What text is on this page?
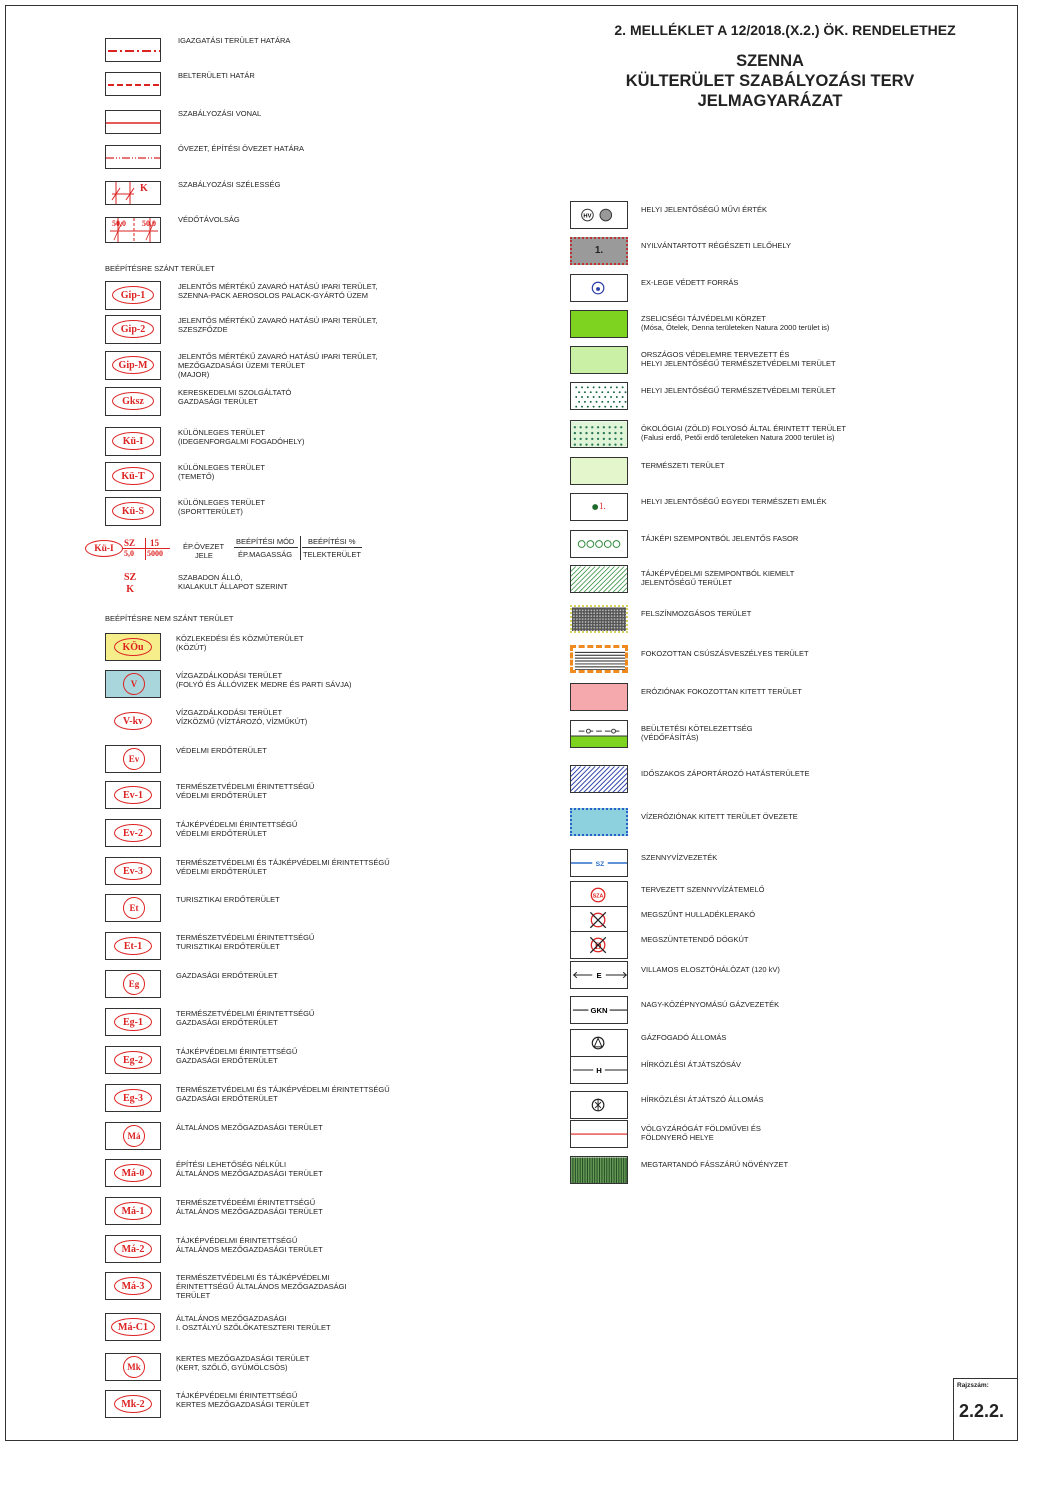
2. MELLÉKLET A 12/2018.(X.2.) ÖK. RENDELETHEZ
SZENNA
KÜLTERÜLET SZABÁLYOZÁSI TERV
JELMAGYARÁZAT
IGAZGATÁSI TERÜLET HATÁRA
BELTERÜLETI HATÁR
SZABÁLYOZÁSI VONAL
ÖVEZET, ÉPÍTÉSI ÖVEZET HATÁRA
K	SZABÁLYOZÁSI SZÉLESSÉG
50,0 50,0	VÉDŐTÁVOLSÁG
BEÉPÍTÉSRE SZÁNT TERÜLET
Gip-1
JELENTŐS MÉRTÉKŰ ZAVARÓ HATÁSÚ IPARI TERÜLET,
SZENNA-PACK AEROSOLOS PALACK-GYÁRTÓ ÜZEM
Gip-2
JELENTŐS MÉRTÉKŰ ZAVARÓ HATÁSÚ IPARI TERÜLET,
SZESZFŐZDE
Gip-M
JELENTŐS MÉRTÉKŰ ZAVARÓ HATÁSÚ IPARI TERÜLET,
MEZŐGAZDASÁGI ÜZEMI TERÜLET
(MAJOR)
Gksz
KERESKEDELMI SZOLGÁLTATÓ
GAZDASÁGI TERÜLET
Kü-I
KÜLÖNLEGES TERÜLET
(IDEGENFORGALMI FOGADÓHELY)
Kü-T
KÜLÖNLEGES TERÜLET
(TEMETŐ)
Kü-S
KÜLÖNLEGES TERÜLET
(SPORTTERÜLET)
Kü-I
SZ 15
5,0 5000
ÉP.ÖVEZET
JELE
BEÉPÍTÉSI MÓD
ÉP.MAGASSÁG
BEÉPÍTÉSI %
TELEKTERÜLET
SZ
K
SZABADON ÁLLÓ,
KIALAKULT ÁLLAPOT SZERINT
BEÉPÍTÉSRE NEM SZÁNT TERÜLET
KÖu
KÖZLEKEDÉSI ÉS KÖZMŰTERÜLET
(KÖZÚT)
V
VÍZGAZDÁLKODÁSI TERÜLET
(FOLYÓ ÉS ÁLLÓVIZEK MEDRE ÉS PARTI SÁVJA)
V-kv
VÍZGAZDÁLKODÁSI TERÜLET
VÍZKÖZMŰ (VÍZTÁROZÓ, VÍZMŰKÚT)
Ev
VÉDELMI ERDŐTERÜLET
Ev-1
TERMÉSZETVÉDELMI ÉRINTETTSÉGŰ
VÉDELMI ERDŐTERÜLET
Ev-2
TÁJKÉPVÉDELMI ÉRINTETTSÉGŰ
VÉDELMI ERDŐTERÜLET
Ev-3
TERMÉSZETVÉDELMI ÉS TÁJKÉPVÉDELMI ÉRINTETTSÉGŰ
VÉDELMI ERDŐTERÜLET
Et
TURISZTIKAI ERDŐTERÜLET
Et-1
TERMÉSZETVÉDELMI ÉRINTETTSÉGŰ
TURISZTIKAI ERDŐTERÜLET
Eg
GAZDASÁGI ERDŐTERÜLET
Eg-1
TERMÉSZETVÉDELMI ÉRINTETTSÉGŰ
GAZDASÁGI ERDŐTERÜLET
Eg-2
TÁJKÉPVÉDELMI ÉRINTETTSÉGŰ
GAZDASÁGI ERDŐTERÜLET
Eg-3
TERMÉSZETVÉDELMI ÉS TÁJKÉPVÉDELMI ÉRINTETTSÉGŰ
GAZDASÁGI ERDŐTERÜLET
Má
ÁLTALÁNOS MEZŐGAZDASÁGI TERÜLET
Má-0
ÉPÍTÉSI LEHETŐSÉG NÉLKÜLI
ÁLTALÁNOS MEZŐGAZDASÁGI TERÜLET
Má-1
TERMÉSZETVÉDEÉMI ÉRINTETTSÉGŰ
ÁLTALÁNOS MEZŐGAZDASÁGI TERÜLET
Má-2
TÁJKÉPVÉDELMI ÉRINTETTSÉGŰ
ÁLTALÁNOS MEZŐGAZDASÁGI TERÜLET
Má-3
TERMÉSZETVÉDELMI ÉS TÁJKÉPVÉDELMI
ÉRINTETTSÉGŰ ÁLTALÁNOS MEZŐGAZDASÁGI
TERÜLET
Má-C1
ÁLTALÁNOS MEZŐGAZDASÁGI
I. OSZTÁLYÚ SZŐLŐKATESZTERI TERÜLET
Mk
KERTES MEZŐGAZDASÁGI TERÜLET
(KERT, SZŐLŐ, GYÜMÖLCSÖS)
Mk-2
TÁJKÉPVÉDELMI ÉRINTETTSÉGŰ
KERTES MEZŐGAZDASÁGI TERÜLET
HV
HELYI JELENTŐSÉGŰ MŰVI ÉRTÉK
1.	NYILVÁNTARTOTT RÉGÉSZETI LELŐHELY
EX-LEGE VÉDETT FORRÁS
ZSELICSÉGI TÁJVÉDELMI KÖRZET
(Mósa, Ötelek, Denna területeken Natura 2000 terület is)
ORSZÁGOS VÉDELEMRE TERVEZETT ÉS
HELYI JELENTŐSÉGŰ TERMÉSZETVÉDELMI TERÜLET
HELYI JELENTŐSÉGŰ TERMÉSZETVÉDELMI TERÜLET
ÖKOLÓGIAI (ZÖLD) FOLYOSÓ ÁLTAL ÉRINTETT TERÜLET
(Falusi erdő, Petői erdő területeken Natura 2000 terület is)
TERMÉSZETI TERÜLET
1.	HELYI JELENTŐSÉGŰ EGYEDI TERMÉSZETI EMLÉK
TÁJKÉPI SZEMPONTBÓL JELENTŐS FASOR
TÁJKÉPVÉDELMI SZEMPONTBÓL KIEMELT
JELENTŐSÉGŰ TERÜLET
FELSZÍNMOZGÁSOS TERÜLET
FOKOZOTTAN CSÚSZÁSVESZÉLYES TERÜLET
ERÓZIÓNAK FOKOZOTTAN KITETT TERÜLET
BEÜLTETÉSI KÖTELEZETTSÉG
(VÉDŐFÁSÍTÁS)
IDŐSZAKOS ZÁPORTÁROZÓ HATÁSTERÜLETE
VÍZERÓZIÓNAK KITETT TERÜLET ÖVEZETE
SZ
SZENNYVÍZVEZETÉK
SZA
TERVEZETT SZENNYVÍZÁTEMELŐ
MEGSZŰNT HULLADÉKLERAKÓ
D
MEGSZÜNTETENDŐ DÖGKÚT
E
VILLAMOS ELOSZTÓHÁLÓZAT (120 kV)
GKN
NAGY-KÖZÉPNYOMÁSÚ GÁZVEZETÉK
GÁZFOGADÓ ÁLLOMÁS
H
HÍRKÖZLÉSI ÁTJÁTSZÓSÁV
HÍRKÖZLÉSI ÁTJÁTSZÓ ÁLLOMÁS
VÖLGYZÁRÓGÁT FÖLDMŰVEI ÉS
FÖLDNYERŐ HELYE
MEGTARTANDÓ FÁSSZÁRÚ NÖVÉNYZET
Rajzszám:
2.2.2.
